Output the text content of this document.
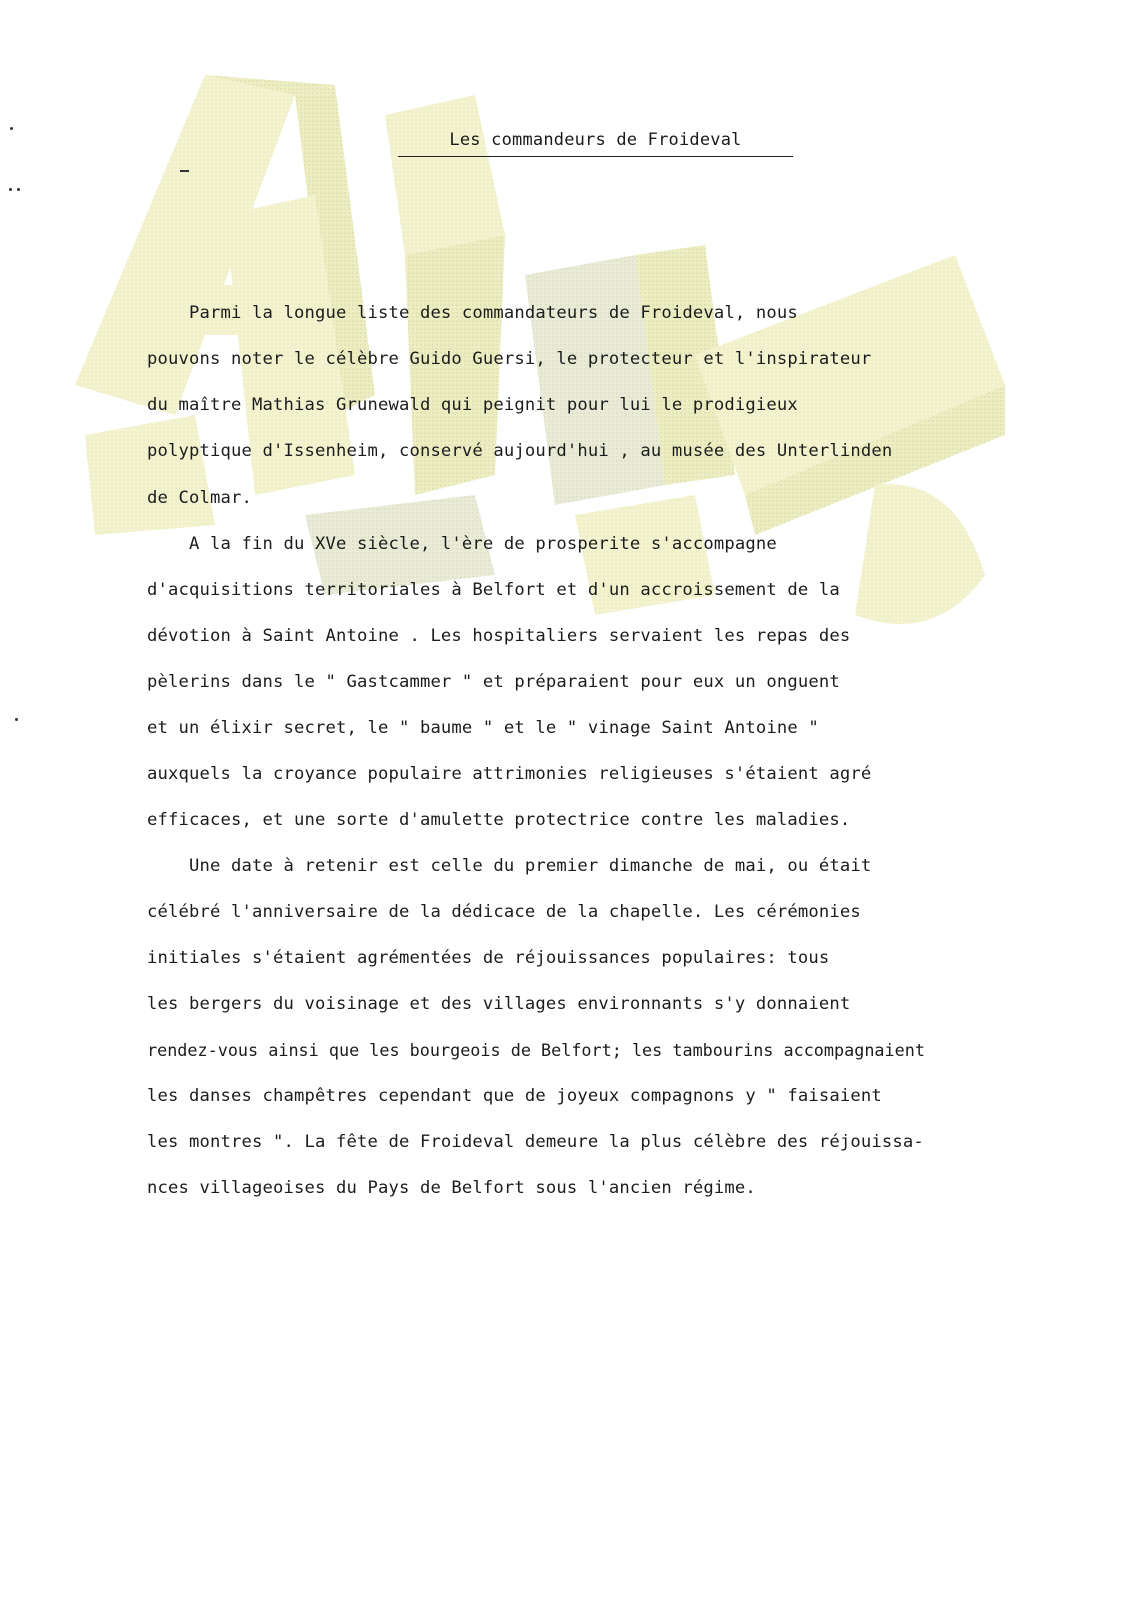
Les commandeurs de Froideval
Parmi la longue liste des commandateurs de Froideval, nous
pouvons noter le célèbre Guido Guersi, le protecteur et l'inspirateur
du maître Mathias Grunewald qui peignit pour lui le prodigieux
polyptique d'Issenheim, conservé aujourd'hui , au musée des Unterlinden
de Colmar.
A la fin du XVe siècle, l'ère de prosperite s'accompagne
d'acquisitions territoriales à Belfort et d'un accroissement de la
dévotion à Saint Antoine . Les hospitaliers servaient les repas des
pèlerins dans le " Gastcammer " et préparaient pour eux un onguent
et un élixir secret, le " baume " et le " vinage Saint Antoine "
auxquels la croyance populaire attrimonies religieuses s'étaient agré
efficaces, et une sorte d'amulette protectrice contre les maladies.
Une date à retenir est celle du premier dimanche de mai, ou était
célébré l'anniversaire de la dédicace de la chapelle. Les cérémonies
initiales s'étaient agrémentées de réjouissances populaires: tous
les bergers du voisinage et des villages environnants s'y donnaient
rendez-vous ainsi que les bourgeois de Belfort; les tambourins accompagnaient
les danses champêtres cependant que de joyeux compagnons y " faisaient
les montres ". La fête de Froideval demeure la plus célèbre des réjouissa-
nces villageoises du Pays de Belfort sous l'ancien régime.
